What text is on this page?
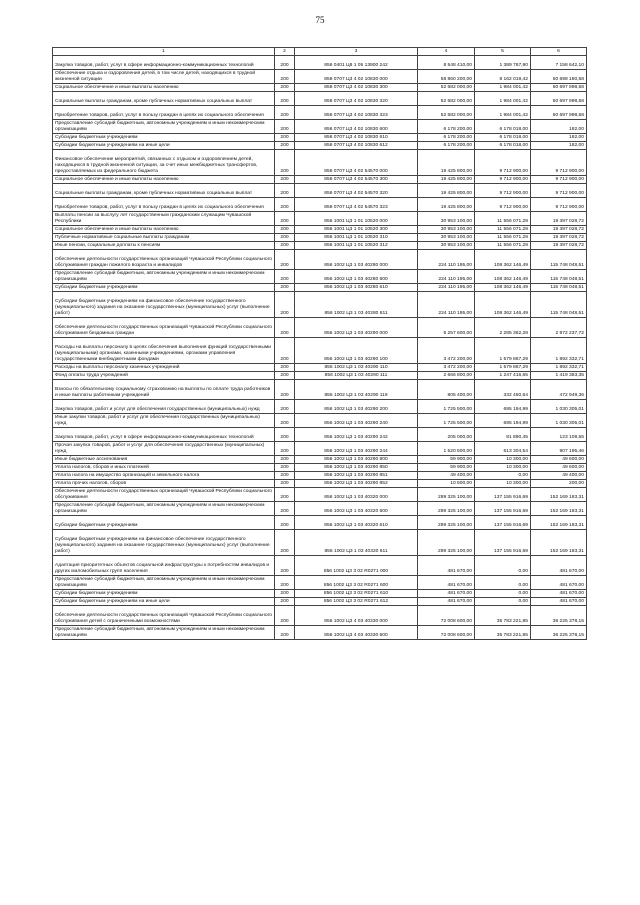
75
1	2	3	4	5	6
Закупка товаров, работ, услуг в сфере информационно-коммуникационных технологий	200	856 0401 Ц8 1 05 13900 242	8 548 410,00	1 389 767,90	7 158 642,10
Обеспечение отдыха и оздоровления детей, в том числе детей, находящихся в трудной жизненной ситуации	200	856 0707 Ц3 4 02 10830 000	58 860 200,00	8 162 019,42	50 698 180,58
Социальное обеспечение и иные выплаты населению	200	856 0707 Ц3 4 02 10830 300	52 682 000,00	1 984 001,42	50 697 998,58
Социальные выплаты гражданам, кроме публичных нормативных социальных выплат	200	856 0707 Ц3 4 02 10830 320	52 682 000,00	1 984 001,42	50 697 998,58
Приобретение товаров, работ, услуг в пользу граждан в целях их социального обеспечения	200	856 0707 Ц3 4 02 10830 323	52 682 000,00	1 984 001,42	50 697 998,58
Предоставление субсидий бюджетным, автономным учреждениям и иным некоммерческим организациям	200	856 0707 Ц3 4 02 10830 600	6 178 200,00	6 178 018,00	182,00
Субсидии бюджетным учреждениям	200	856 0707 Ц3 4 02 10830 610	6 178 200,00	6 178 018,00	182,00
Субсидии бюджетным учреждениям на иные цели	200	856 0707 Ц3 4 02 10830 612	6 178 200,00	6 178 018,00	182,00
Финансовое обеспечение мероприятий, связанных с отдыхом и оздоровлением детей, находящихся в трудной жизненной ситуации, за счет иных межбюджетных трансфертов, предоставляемых из федерального бюджета	200	856 0707 Ц3 4 02 54570 000	19 425 800,00	9 712 900,00	9 712 900,00
Социальное обеспечение и иные выплаты населению	200	856 0707 Ц3 4 02 54570 300	19 425 800,00	9 712 900,00	9 712 900,00
Социальные выплаты гражданам, кроме публичных нормативных социальных выплат	200	856 0707 Ц3 4 02 54570 320	19 425 800,00	9 712 900,00	9 712 900,00
Приобретение товаров, работ, услуг в пользу граждан в целях их социального обеспечения	200	856 0707 Ц3 4 02 54570 323	19 425 800,00	9 712 900,00	9 712 900,00
Выплаты пенсии за выслугу лет государственным гражданским служащим Чувашской Республики	200	856 1001 Ц3 1 01 10520 000	30 953 100,00	11 556 071,28	19 397 028,72
Социальное обеспечение и иные выплаты населению	200	856 1001 Ц3 1 01 10520 300	30 953 100,00	11 556 071,28	19 397 028,72
Публичные нормативные социальные выплаты гражданам	200	856 1001 Ц3 1 01 10520 310	30 953 100,00	11 556 071,28	19 397 028,72
Иные пенсии, социальные доплаты к пенсиям	200	856 1001 Ц3 1 01 10520 312	30 953 100,00	11 556 071,28	19 397 028,72
Обеспечение деятельности государственных организаций Чувашской Республики социального обслуживания граждан пожилого возраста и инвалидов	200	856 1002 Ц3 1 03 40280 000	224 110 195,00	108 362 146,49	115 748 048,51
Предоставление субсидий бюджетным, автономным учреждениям и иным некоммерческим организациям	200	856 1002 Ц3 1 03 40280 600	224 110 195,00	108 362 146,49	115 748 048,51
Субсидии бюджетным учреждениям	200	856 1002 Ц3 1 03 40280 610	224 110 195,00	108 362 146,49	115 748 048,51
Субсидии бюджетным учреждениям на финансовое обеспечение государственного (муниципального) задания на оказание государственных (муниципальных) услуг (выполнение работ)	200	856 1002 Ц3 1 03 40280 611	224 110 195,00	108 362 146,49	115 748 048,51
Обеспечение деятельности государственных организаций Чувашской Республики социального обслуживания бездомных граждан	200	856 1002 Ц3 1 03 40290 000	5 257 600,00	2 285 362,28	2 972 237,72
Расходы на выплаты персоналу в целях обеспечения выполнения функций государственными (муниципальными) органами, казенными учреждениями, органами управления государственными внебюджетными фондами	200	856 1002 Ц3 1 03 40290 100	3 472 200,00	1 579 867,29	1 892 332,71
Расходы на выплаты персоналу казенных учреждений	200	856 1002 Ц3 1 03 40290 110	3 472 200,00	1 579 867,29	1 892 332,71
Фонд оплаты труда учреждений	200	856 1002 Ц3 1 03 40290 111	2 666 800,00	1 247 416,65	1 419 383,35
Взносы по обязательному социальному страхованию на выплаты по оплате труда работников и иные выплаты работникам учреждений	200	856 1002 Ц3 1 03 40290 119	805 400,00	332 450,64	472 949,36
Закупка товаров, работ и услуг для обеспечения государственных (муниципальных) нужд	200	856 1002 Ц3 1 03 40290 200	1 725 500,00	695 194,99	1 030 305,01
Иные закупки товаров, работ и услуг для обеспечения государственных (муниципальных) нужд	200	856 1002 Ц3 1 03 40290 240	1 725 500,00	695 194,99	1 030 305,01
Закупка товаров, работ, услуг в сфере информационно-коммуникационных технологий	200	856 1002 Ц3 1 03 40290 242	205 000,00	81 890,45	123 109,55
Прочая закупка товаров, работ и услуг для обеспечения государственных (муниципальных) нужд	200	856 1002 Ц3 1 03 40290 244	1 520 500,00	613 304,54	907 195,46
Иные бюджетные ассигнования	200	856 1002 Ц3 1 03 40290 800	59 900,00	10 300,00	49 600,00
Уплата налогов, сборов и иных платежей	200	856 1002 Ц3 1 03 40290 850	59 900,00	10 300,00	49 600,00
Уплата налога на имущество организаций и земельного налога	200	856 1002 Ц3 1 03 40290 851	49 400,00	0,00	49 400,00
Уплата прочих налогов, сборов	200	856 1002 Ц3 1 03 40290 852	10 500,00	10 300,00	200,00
Обеспечение деятельности государственных организаций Чувашской Республики социального обслуживания	200	856 1002 Ц3 1 03 40320 000	289 325 100,00	137 155 916,69	152 169 183,31
Предоставление субсидий бюджетным, автономным учреждениям и иным некоммерческим организациям	200	856 1002 Ц3 1 03 40320 600	289 325 100,00	137 155 916,69	152 169 183,31
Субсидии бюджетным учреждениям	200	856 1002 Ц3 1 03 40320 610	289 325 100,00	137 155 916,69	152 169 183,31
Субсидии бюджетным учреждениям на финансовое обеспечение государственного (муниципального) задания на оказание государственных (муниципальных) услуг (выполнение работ)	200	856 1002 Ц3 1 03 40320 611	289 325 100,00	137 155 916,69	152 169 183,31
Адаптация приоритетных объектов социальной инфраструктуры к потребностям инвалидов и других маломобильных групп населения	200	856 1002 Ц3 3 02 R0271 000	481 670,00	0,00	481 670,00
Предоставление субсидий бюджетным, автономным учреждениям и иным некоммерческим организациям	200	856 1002 Ц3 3 02 R0271 600	481 670,00	0,00	481 670,00
Субсидии бюджетным учреждениям	200	856 1002 Ц3 3 02 R0271 610	481 670,00	0,00	481 670,00
Субсидии бюджетным учреждениям на иные цели	200	856 1002 Ц3 3 02 R0271 612	481 670,00	0,00	481 670,00
Обеспечение деятельности государственных организаций Чувашской Республики социального обслуживания детей с ограниченными возможностями	200	856 1002 Ц3 4 03 40330 000	72 008 600,00	35 783 221,85	36 225 378,15
Предоставление субсидий бюджетным, автономным учреждениям и иным некоммерческим организациям	200	856 1002 Ц3 4 03 40330 600	72 008 600,00	35 783 221,85	36 225 378,15
